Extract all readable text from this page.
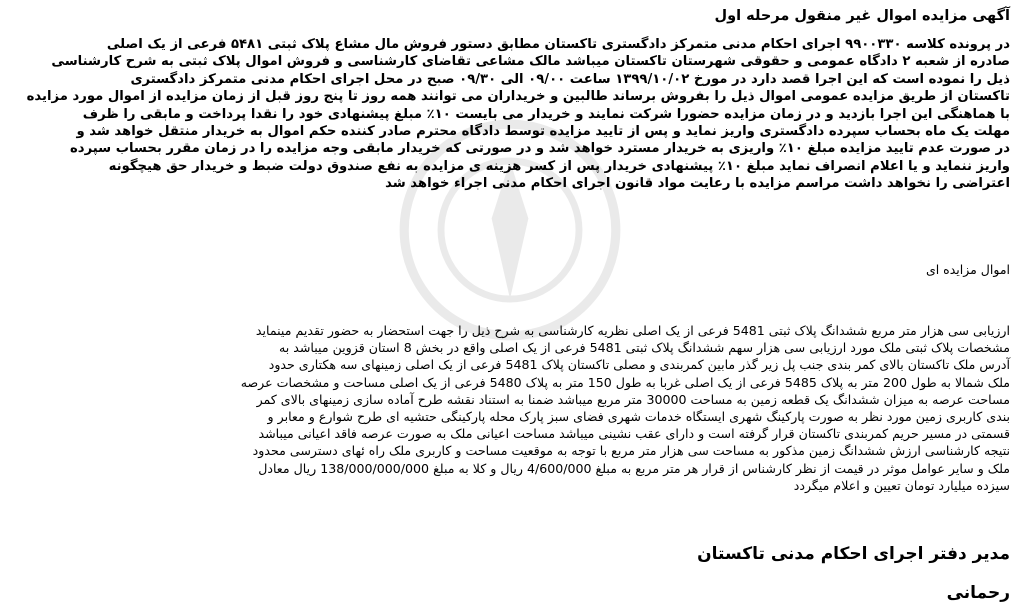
آگهی مزایده اموال غیر منقول مرحله اول
در پرونده کلاسه ۹۹۰۰۳۳۰ اجرای احکام مدنی متمرکز دادگستری تاکستان مطابق دستور فروش مال مشاع پلاک ثبتی ۵۴۸۱ فرعی از یک اصلی
صادره از شعبه ۲ دادگاه عمومی و حقوقی شهرستان تاکستان میباشد مالک مشاعی تقاضای کارشناسی و فروش اموال پلاک ثبتی به شرح کارشناسی
ذیل را نموده است که این اجرا قصد دارد در مورخ ۱۳۹۹/۱۰/۰۲ ساعت ۰۹/۰۰ الی ۰۹/۳۰ صبح در محل اجرای احکام مدنی متمرکز دادگستری
تاکستان از طریق مزایده عمومی اموال ذیل را بفروش برساند طالبین و خریداران می توانند همه روز تا پنج روز قبل از زمان مزایده از اموال مورد مزایده
با هماهنگی این اجرا بازدید و در زمان مزایده حضورا شرکت نمایند و خریدار می بایست ۱۰٪ مبلغ پیشنهادی خود را نقدا پرداخت و مابقی را ظرف
مهلت یک ماه بحساب سپرده دادگستری واریز نماید و پس از تایید مزایده توسط دادگاه محترم صادر کننده حکم اموال به خریدار منتقل خواهد شد و
در صورت عدم تایید مزایده مبلغ ۱۰٪ واریزی به خریدار مسترد خواهد شد و در صورتی که خریدار مابقی وجه مزایده را در زمان مقرر بحساب سپرده
واریز ننماید و یا اعلام انصراف نماید مبلغ ۱۰٪ پیشنهادی خریدار پس از کسر هزینه ی مزایده به نفع صندوق دولت ضبط و خریدار حق هیچگونه
اعتراضی را نخواهد داشت مراسم مزایده با رعایت مواد قانون اجرای احکام مدنی اجراء خواهد شد
اموال مزایده ای
ارزیابی سی هزار متر مربع ششدانگ پلاک ثبتی 5481 فرعی از یک اصلی نظریه کارشناسی به شرح ذیل را جهت استحضار به حضور تقدیم مینماید
مشخصات پلاک ثبتی ملک مورد ارزیابی سی هزار سهم ششدانگ پلاک ثبتی 5481 فرعی از یک اصلی واقع در بخش 8 استان قزوین میباشد به
آدرس ملک تاکستان بالای کمر بندی جنب پل زیر گذر مابین کمربندی و مصلی تاکستان پلاک 5481 فرعی از یک اصلی زمینهای سه هکتاری حدود
ملک شمالا به طول 200 متر به پلاک 5485 فرعی از یک اصلی غربا به طول 150 متر به پلاک 5480 فرعی از یک اصلی مساحت و مشخصات عرصه
مساحت عرصه به میزان ششدانگ یک قطعه زمین به مساحت 30000 متر مربع میباشد ضمنا به استناد نقشه طرح آماده سازی زمینهای بالای کمر
بندی کاربری زمین مورد نظر به صورت پارکینگ شهری ایستگاه خدمات شهری فضای سبز پارک محله پارکینگی حتشیه ای طرح شوارع و معابر و
قسمتی در مسیر حریم کمربندی تاکستان قرار گرفته است و دارای عقب نشینی میباشد مساحت اعیانی ملک به صورت عرصه فاقد اعیانی میباشد
نتیجه کارشناسی ارزش ششدانگ زمین مذکور به مساحت سی هزار متر مربع با توجه به موقعیت مساحت و کاربری ملک راه ئهای دسترسی محدود
ملک و سایر عوامل موثر در قیمت از نظر کارشناس از قرار هر متر مربع به مبلغ 4/600/000 ریال و کلا به مبلغ 138/000/000/000 ریال معادل
سیزده میلیارد تومان تعیین و اعلام میگردد
مدیر دفتر اجرای احکام مدنی تاکستان
رحمانی
